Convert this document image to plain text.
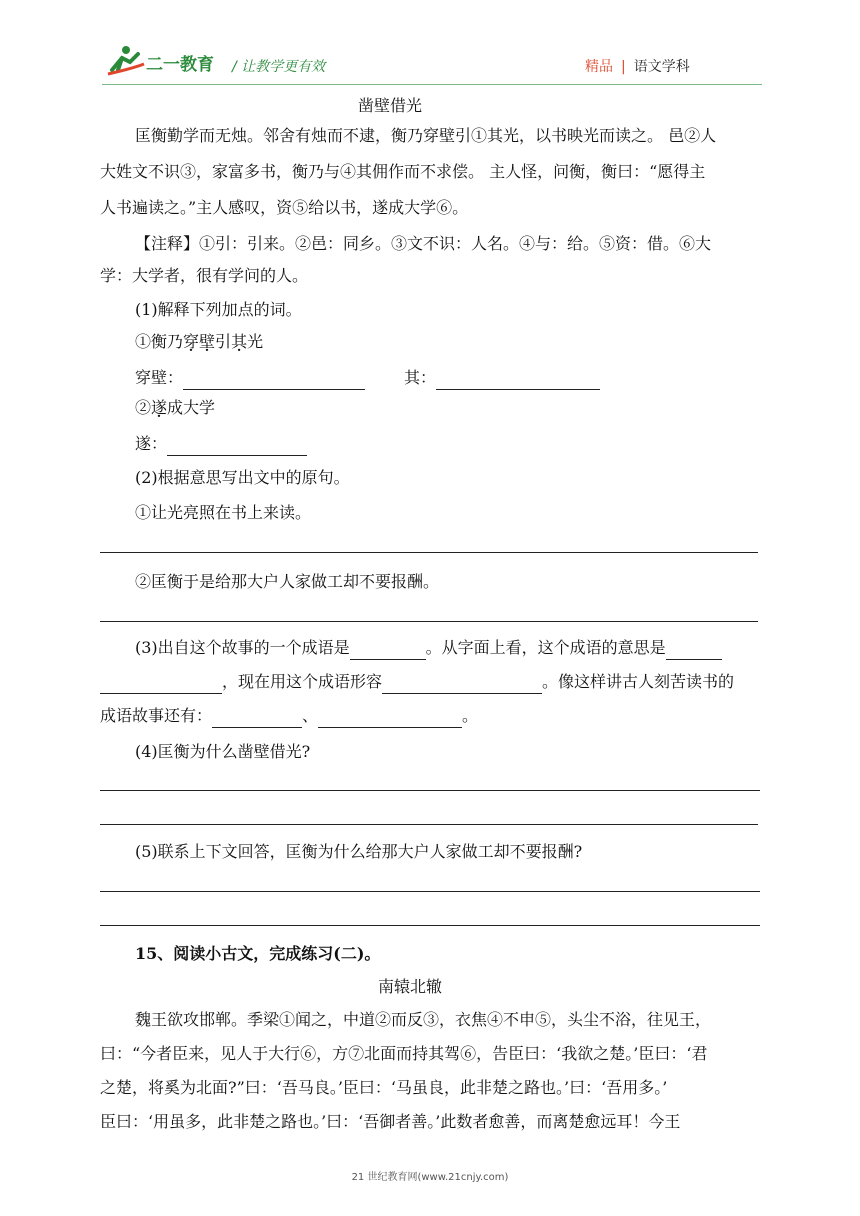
二一教育 / 让教学更有效	精品 | 语文学科
凿壁借光
匡衡勤学而无烛。邻舍有烛而不逮，衡乃穿壁引①其光，以书映光而读之。 邑②人
大姓文不识③，家富多书，衡乃与④其佣作而不求偿。 主人怪，问衡，衡曰：“愿得主
人书遍读之。”主人感叹，资⑤给以书，遂成大学⑥。
【注释】①引：引来。②邑：同乡。③文不识：人名。④与：给。⑤资：借。⑥大
学：大学者，很有学问的人。
(1)解释下列加点的词。
①衡乃穿壁引其光
穿壁：	其：
②遂成大学
遂：
(2)根据意思写出文中的原句。
①让光亮照在书上来读。
②匡衡于是给那大户人家做工却不要报酬。
(3)出自这个故事的一个成语是	。从字面上看，这个成语的意思是
，现在用这个成语形容	。像这样讲古人刻苦读书的
成语故事还有：	、	。
(4)匡衡为什么凿壁借光?
(5)联系上下文回答，匡衡为什么给那大户人家做工却不要报酬?
15、阅读小古文，完成练习(二)。
南辕北辙
魏王欲攻邯郸。季梁①闻之，中道②而反③，衣焦④不申⑤，头尘不浴，往见王，
曰：“今者臣来，见人于大行⑥，方⑦北面而持其驾⑥，告臣曰：‘我欲之楚。’臣曰：‘君
之楚，将奚为北面?”曰：‘吾马良。’臣曰：‘马虽良，此非楚之路也。’曰：‘吾用多。’
臣曰：‘用虽多，此非楚之路也。’曰：‘吾御者善。’此数者愈善，而离楚愈远耳！今王
21 世纪教育网(www.21cnjy.com)
